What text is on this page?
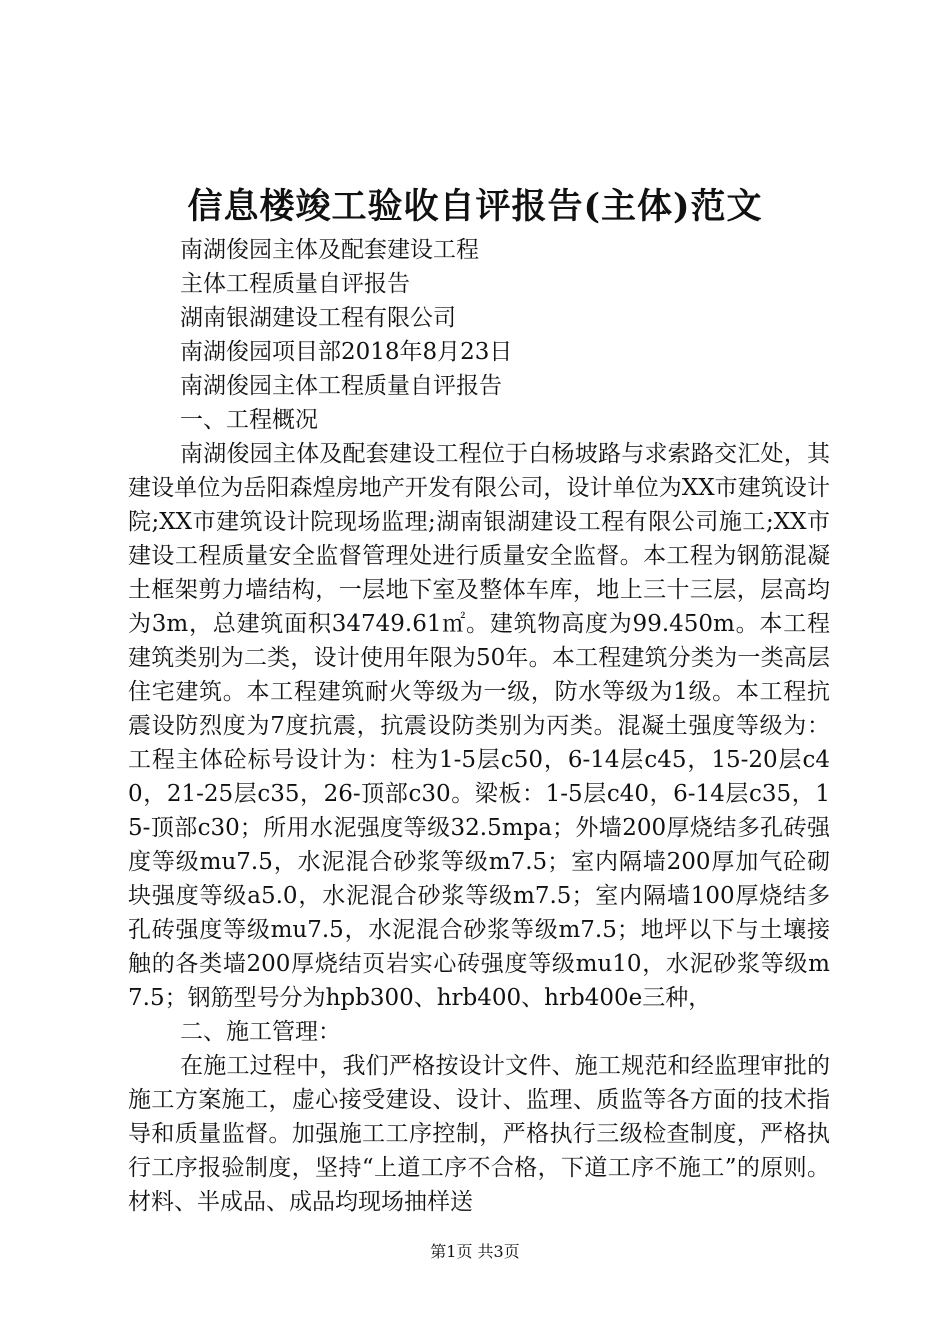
信息楼竣工验收自评报告(主体)范文

南湖俊园主体及配套建设工程

主体工程质量自评报告

湖南银湖建设工程有限公司

南湖俊园项目部2018年8月23日

南湖俊园主体工程质量自评报告

一、工程概况

南湖俊园主体及配套建设工程位于白杨坡路与求索路交汇处，其建设单位为岳阳森煌房地产开发有限公司，设计单位为XX市建筑设计院;XX市建筑设计院现场监理;湖南银湖建设工程有限公司施工;XX市建设工程质量安全监督管理处进行质量安全监督。本工程为钢筋混凝土框架剪力墙结构，一层地下室及整体车库，地上三十三层，层高均为3m，总建筑面积34749.61㎡。建筑物高度为99.450m。本工程建筑类别为二类，设计使用年限为50年。本工程建筑分类为一类高层住宅建筑。本工程建筑耐火等级为一级，防水等级为1级。本工程抗震设防烈度为7度抗震，抗震设防类别为丙类。混凝土强度等级为：工程主体砼标号设计为：柱为1-5层c50，6-14层c45，15-20层c40，21-25层c35，26-顶部c30。梁板：1-5层c40，6-14层c35，15-顶部c30；所用水泥强度等级32.5mpa；外墙200厚烧结多孔砖强度等级mu7.5，水泥混合砂浆等级m7.5；室内隔墙200厚加气砼砌块强度等级a5.0，水泥混合砂浆等级m7.5；室内隔墙100厚烧结多孔砖强度等级mu7.5，水泥混合砂浆等级m7.5；地坪以下与土壤接触的各类墙200厚烧结页岩实心砖强度等级mu10，水泥砂浆等级m7.5；钢筋型号分为hpb300、hrb400、hrb400e三种，

二、施工管理：

在施工过程中，我们严格按设计文件、施工规范和经监理审批的施工方案施工，虚心接受建设、设计、监理、质监等各方面的技术指导和质量监督。加强施工工序控制，严格执行三级检查制度，严格执行工序报验制度，坚持“上道工序不合格，下道工序不施工”的原则。材料、半成品、成品均现场抽样送

第1页 共3页
